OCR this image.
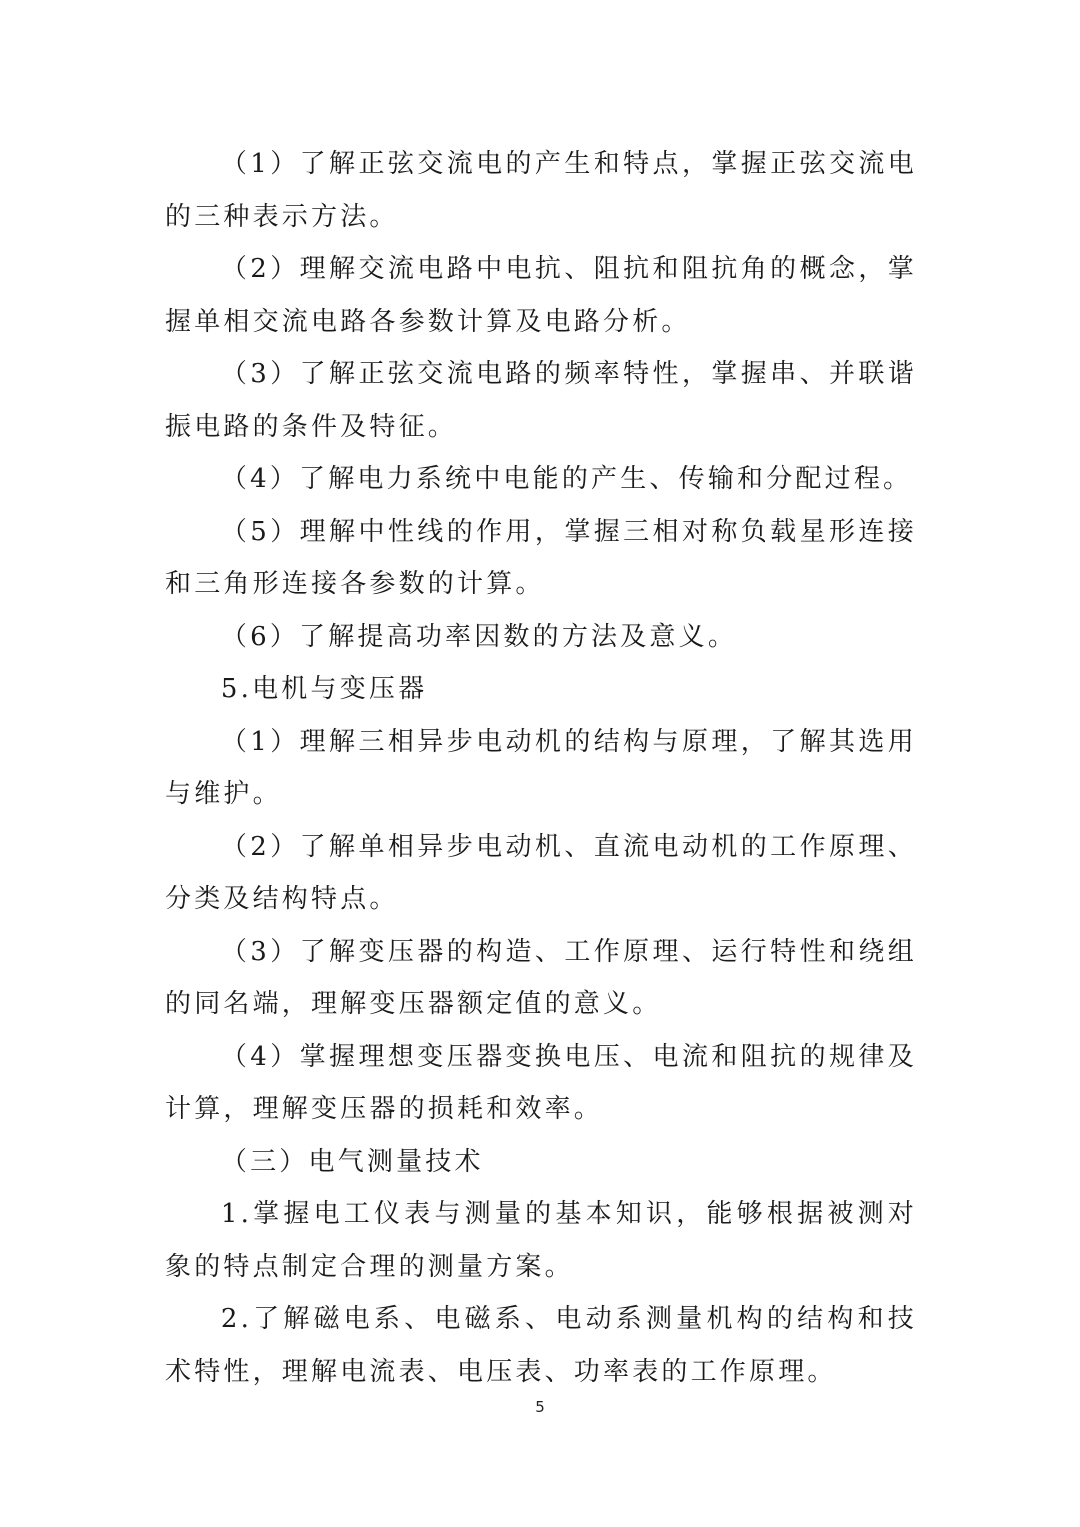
（1）了解正弦交流电的产生和特点，掌握正弦交流电的三种表示方法。

（2）理解交流电路中电抗、阻抗和阻抗角的概念，掌握单相交流电路各参数计算及电路分析。

（3）了解正弦交流电路的频率特性，掌握串、并联谐振电路的条件及特征。

（4）了解电力系统中电能的产生、传输和分配过程。

（5）理解中性线的作用，掌握三相对称负载星形连接和三角形连接各参数的计算。

（6）了解提高功率因数的方法及意义。

5.电机与变压器

（1）理解三相异步电动机的结构与原理，了解其选用与维护。

（2）了解单相异步电动机、直流电动机的工作原理、分类及结构特点。

（3）了解变压器的构造、工作原理、运行特性和绕组的同名端，理解变压器额定值的意义。

（4）掌握理想变压器变换电压、电流和阻抗的规律及计算，理解变压器的损耗和效率。

（三）电气测量技术

1.掌握电工仪表与测量的基本知识，能够根据被测对象的特点制定合理的测量方案。

2.了解磁电系、电磁系、电动系测量机构的结构和技术特性，理解电流表、电压表、功率表的工作原理。

5
